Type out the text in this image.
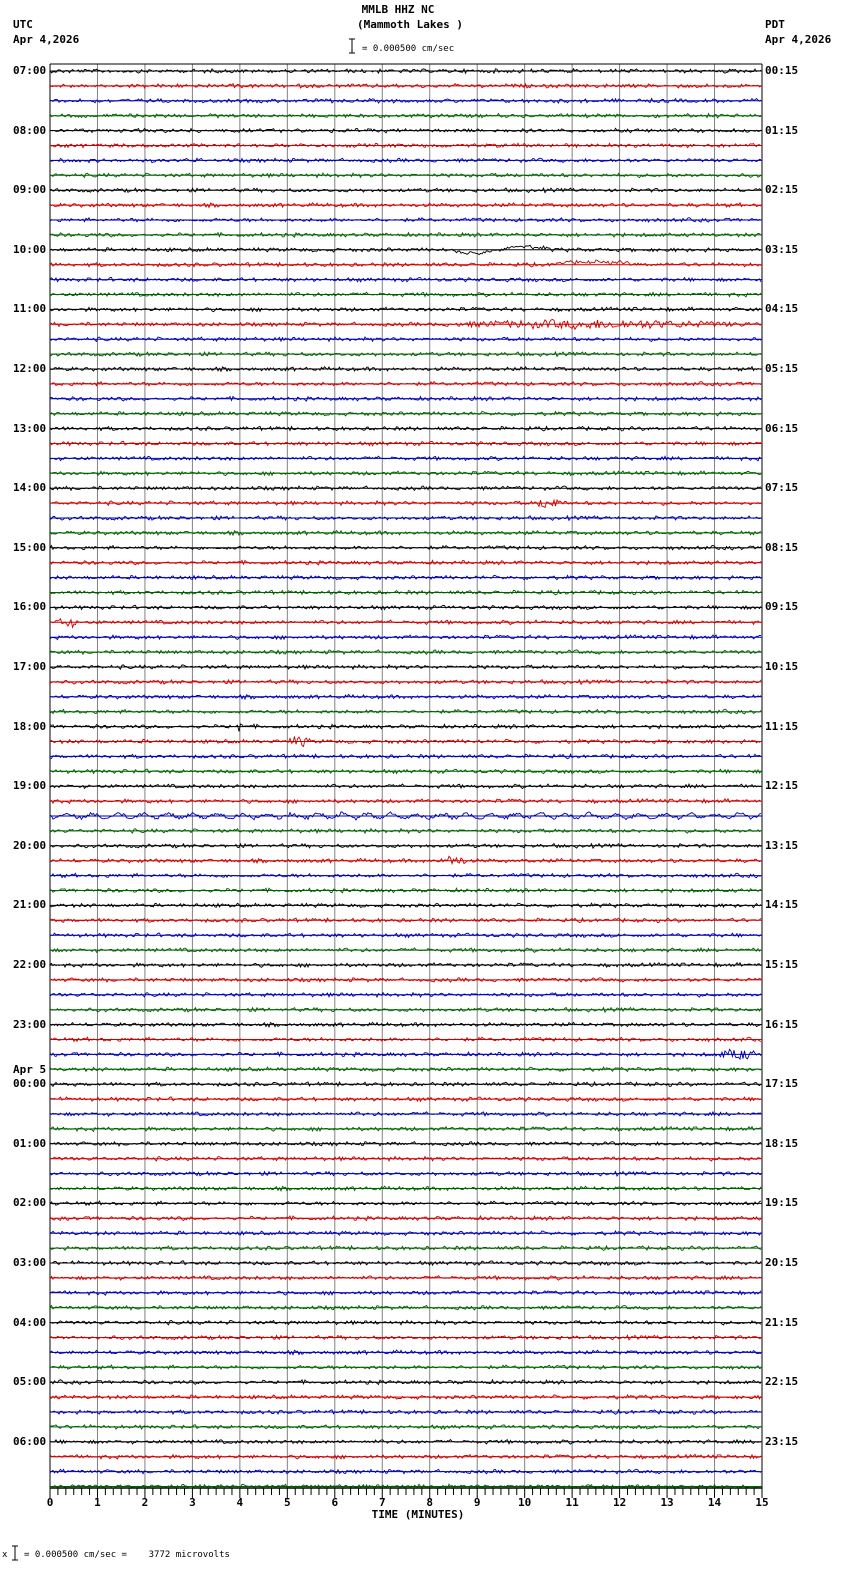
MMLB HHZ NC
(Mammoth Lakes )
UTC
Apr 4,2026
PDT
Apr 4,2026
= 0.000500 cm/sec
x = 0.000500 cm/sec =    3772 microvolts
TIME (MINUTES)
07:00
08:00
09:00
10:00
11:00
12:00
13:00
14:00
15:00
16:00
17:00
18:00
19:00
20:00
21:00
22:00
23:00
00:00
01:00
02:00
03:00
04:00
05:00
06:00
Apr 5
00:15
01:15
02:15
03:15
04:15
05:15
06:15
07:15
08:15
09:15
10:15
11:15
12:15
13:15
14:15
15:15
16:15
17:15
18:15
19:15
20:15
21:15
22:15
23:15
0	1	2	3	4	5	6	7	8	9	10	11	12	13	14	15
